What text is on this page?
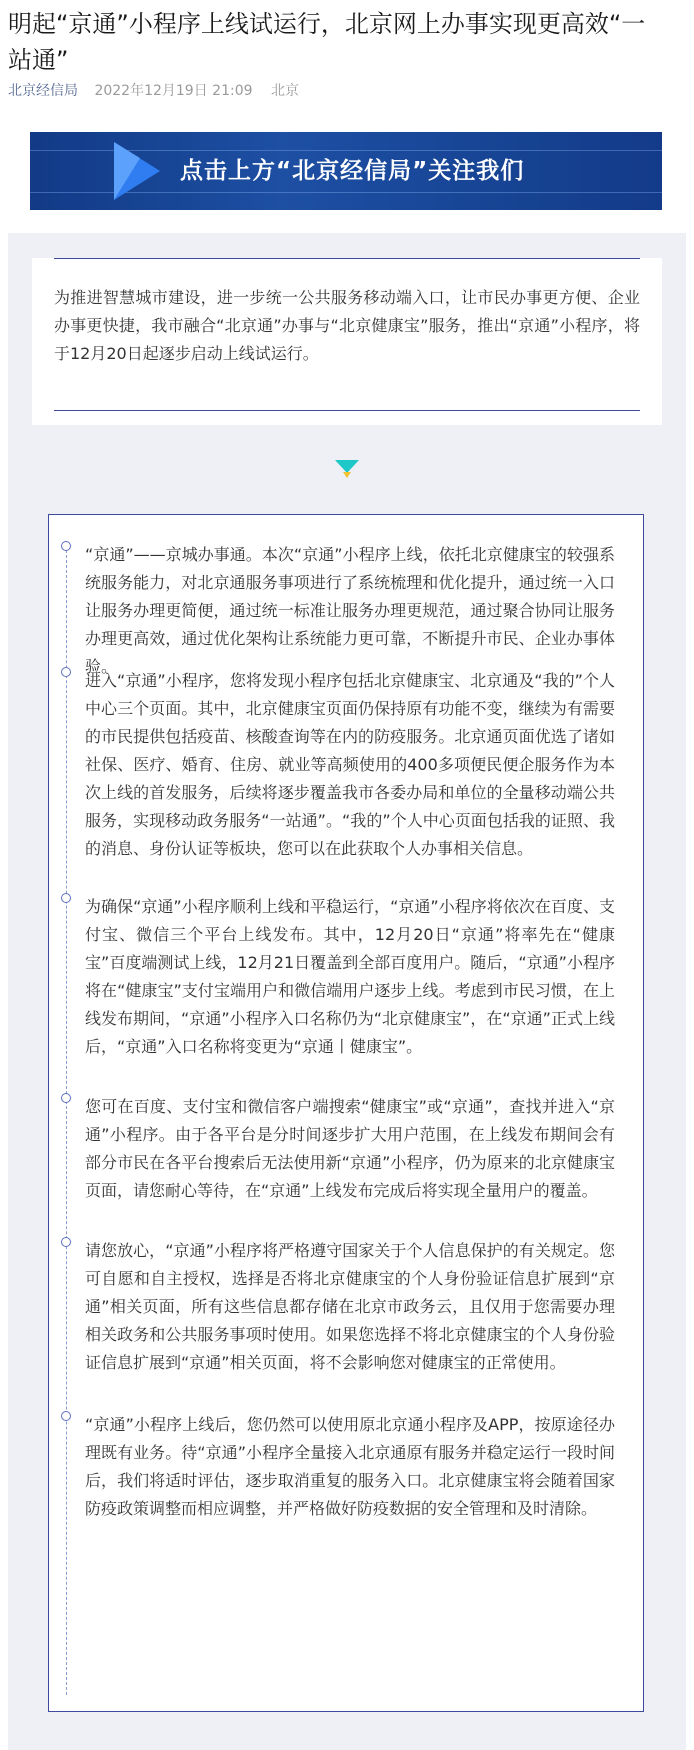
明起“京通”小程序上线试运行，北京网上办事实现更高效“一站通”
北京经信局 2022年12月19日 21:09 北京
点击上方“北京经信局”关注我们
为推进智慧城市建设，进一步统一公共服务移动端入口，让市民办事更方便、企业办事更快捷，我市融合“北京通”办事与“北京健康宝”服务，推出“京通”小程序，将于12月20日起逐步启动上线试运行。
“京通”——京城办事通。本次“京通”小程序上线，依托北京健康宝的较强系统服务能力，对北京通服务事项进行了系统梳理和优化提升，通过统一入口让服务办理更简便，通过统一标准让服务办理更规范，通过聚合协同让服务办理更高效，通过优化架构让系统能力更可靠，不断提升市民、企业办事体验。
进入“京通”小程序，您将发现小程序包括北京健康宝、北京通及“我的”个人中心三个页面。其中，北京健康宝页面仍保持原有功能不变，继续为有需要的市民提供包括疫苗、核酸查询等在内的防疫服务。北京通页面优选了诸如社保、医疗、婚育、住房、就业等高频使用的400多项便民便企服务作为本次上线的首发服务，后续将逐步覆盖我市各委办局和单位的全量移动端公共服务，实现移动政务服务“一站通”。“我的”个人中心页面包括我的证照、我的消息、身份认证等板块，您可以在此获取个人办事相关信息。
为确保“京通”小程序顺利上线和平稳运行，“京通”小程序将依次在百度、支付宝、微信三个平台上线发布。其中，12月20日“京通”将率先在“健康宝”百度端测试上线，12月21日覆盖到全部百度用户。随后，“京通”小程序将在“健康宝”支付宝端用户和微信端用户逐步上线。考虑到市民习惯，在上线发布期间，“京通”小程序入口名称仍为“北京健康宝”，在“京通”正式上线后，“京通”入口名称将变更为“京通丨健康宝”。
您可在百度、支付宝和微信客户端搜索“健康宝”或“京通”，查找并进入“京通”小程序。由于各平台是分时间逐步扩大用户范围，在上线发布期间会有部分市民在各平台搜索后无法使用新“京通”小程序，仍为原来的北京健康宝页面，请您耐心等待，在“京通”上线发布完成后将实现全量用户的覆盖。
请您放心，“京通”小程序将严格遵守国家关于个人信息保护的有关规定。您可自愿和自主授权，选择是否将北京健康宝的个人身份验证信息扩展到“京通”相关页面，所有这些信息都存储在北京市政务云，且仅用于您需要办理相关政务和公共服务事项时使用。如果您选择不将北京健康宝的个人身份验证信息扩展到“京通”相关页面，将不会影响您对健康宝的正常使用。
“京通”小程序上线后，您仍然可以使用原北京通小程序及APP，按原途径办理既有业务。待“京通”小程序全量接入北京通原有服务并稳定运行一段时间后，我们将适时评估，逐步取消重复的服务入口。北京健康宝将会随着国家防疫政策调整而相应调整，并严格做好防疫数据的安全管理和及时清除。
